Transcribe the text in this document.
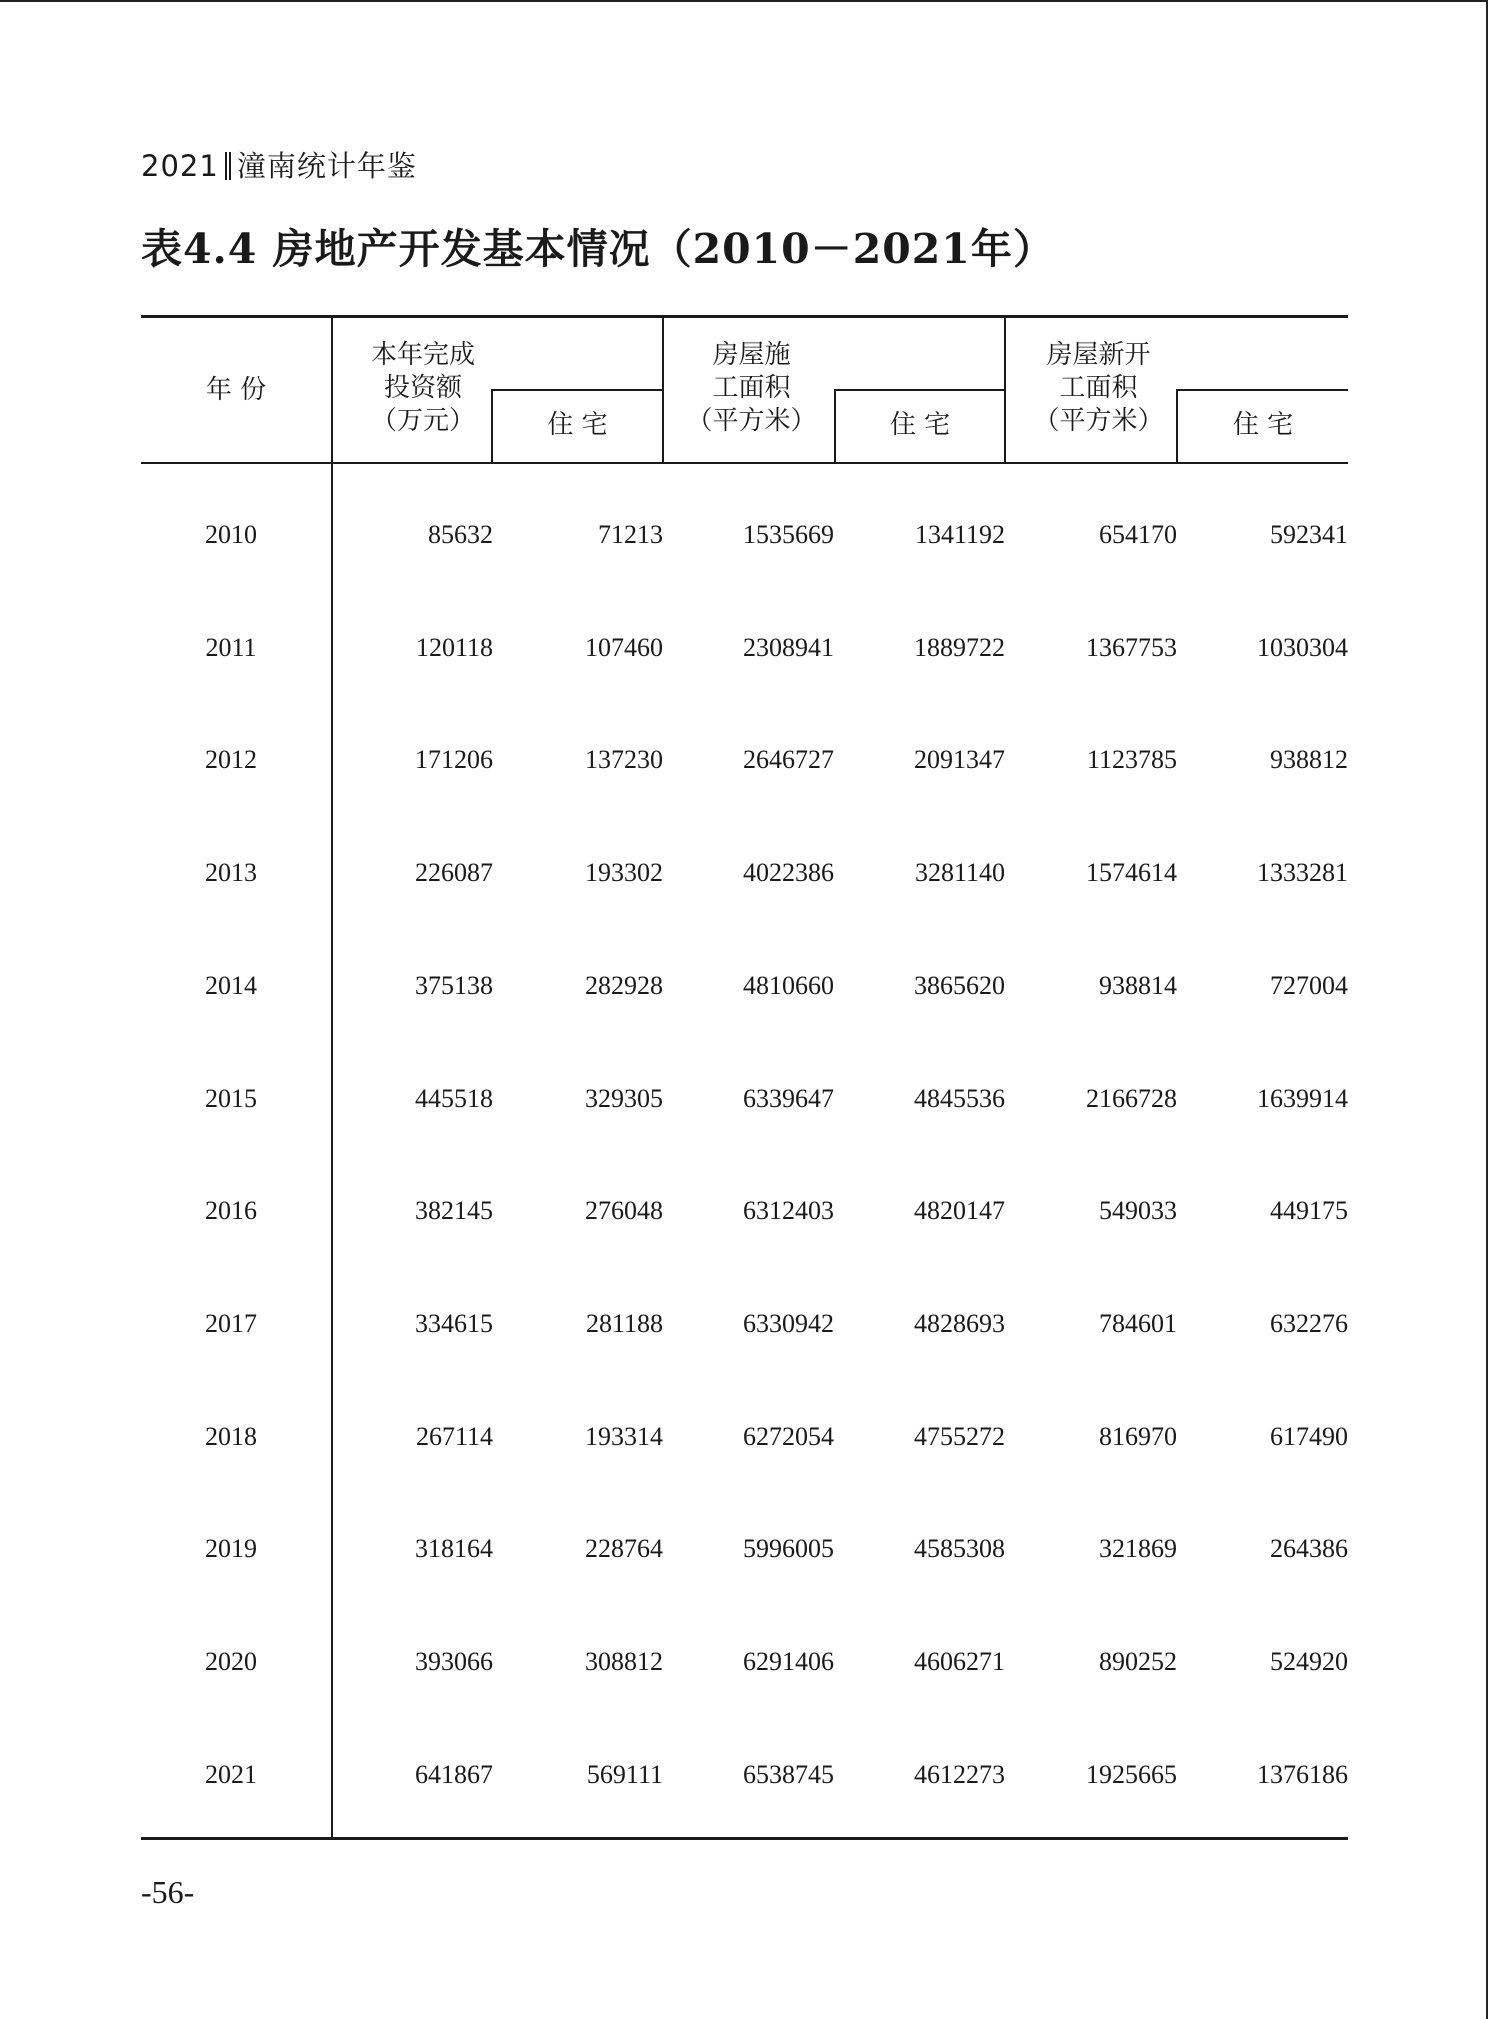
2021 潼南统计年鉴
表4.4 房地产开发基本情况（2010－2021年）
年 份
本年完成
投资额
（万元）	住 宅
房屋施
工面积
（平方米）	住 宅
房屋新开
工面积
（平方米）	住 宅
2010	85632	71213	1535669	1341192	654170	592341
2011	120118	107460	2308941	1889722	1367753	1030304
2012	171206	137230	2646727	2091347	1123785	938812
2013	226087	193302	4022386	3281140	1574614	1333281
2014	375138	282928	4810660	3865620	938814	727004
2015	445518	329305	6339647	4845536	2166728	1639914
2016	382145	276048	6312403	4820147	549033	449175
2017	334615	281188	6330942	4828693	784601	632276
2018	267114	193314	6272054	4755272	816970	617490
2019	318164	228764	5996005	4585308	321869	264386
2020	393066	308812	6291406	4606271	890252	524920
2021	641867	569111	6538745	4612273	1925665	1376186
-56-
